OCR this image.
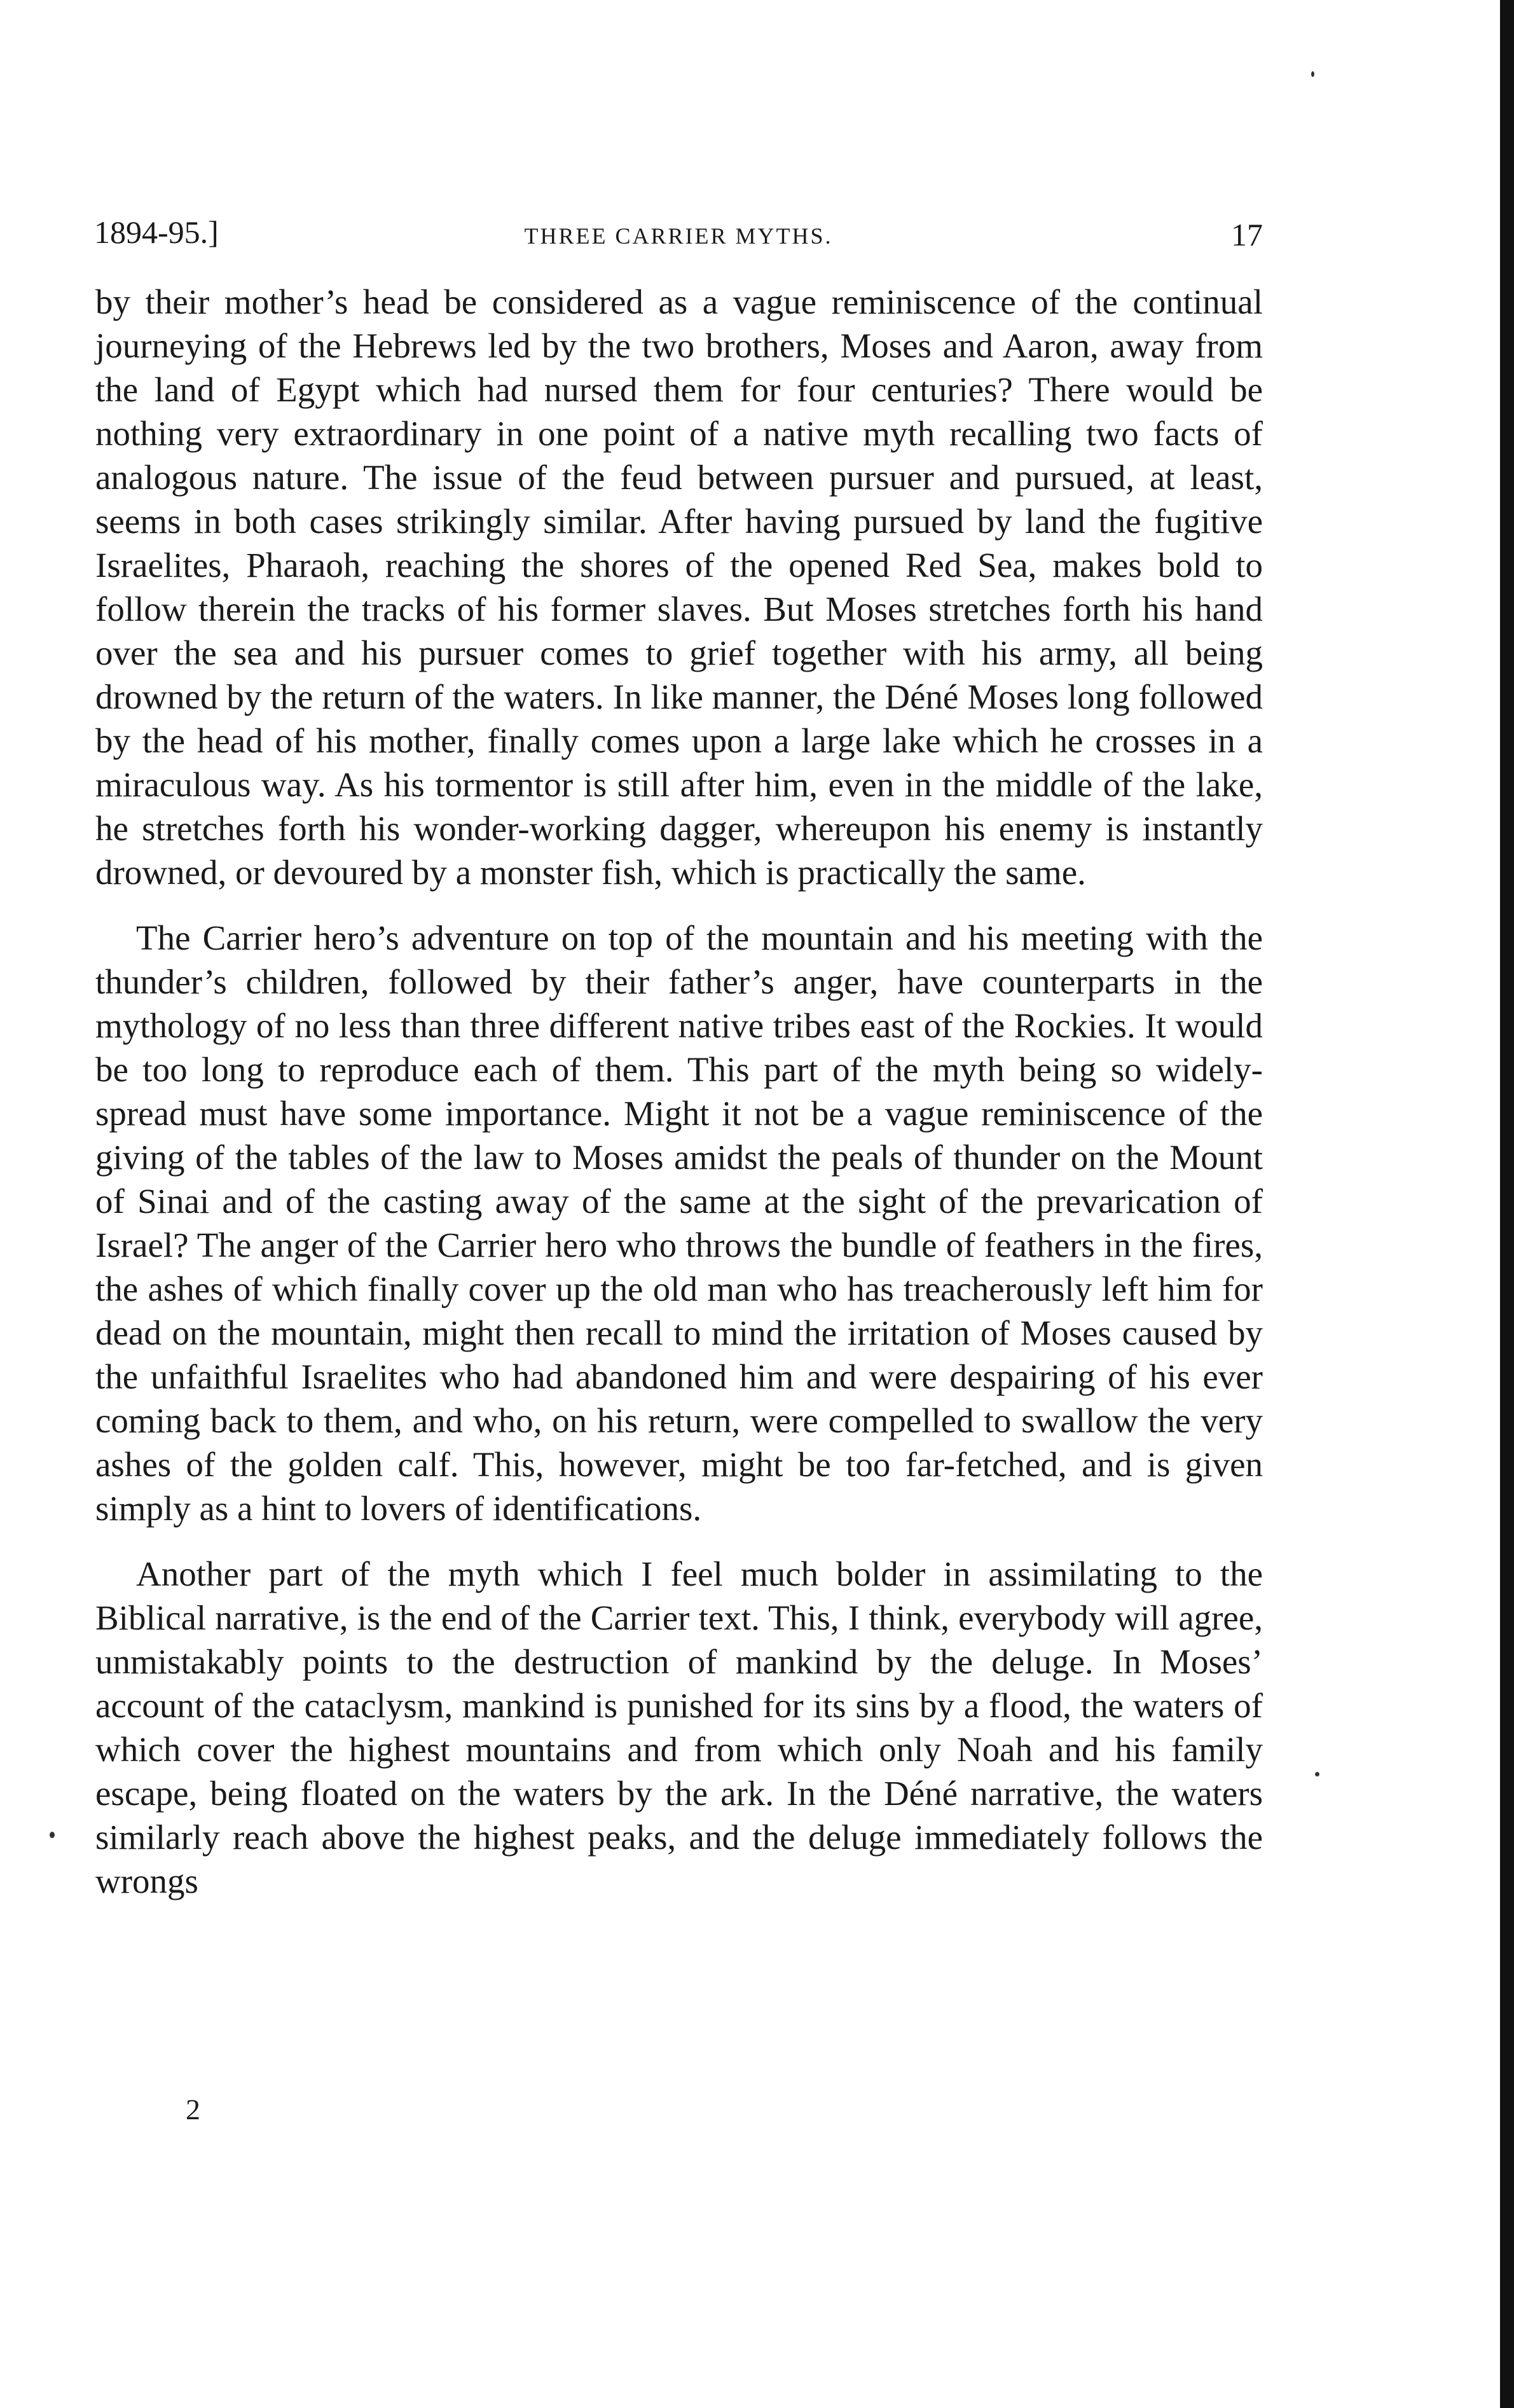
1894-95.]	THREE CARRIER MYTHS.	17

by their mother’s head be considered as a vague reminiscence of the continual journeying of the Hebrews led by the two brothers, Moses and Aaron, away from the land of Egypt which had nursed them for four centuries? There would be nothing very extraordinary in one point of a native myth recalling two facts of analogous nature. The issue of the feud between pursuer and pursued, at least, seems in both cases strikingly similar. After having pursued by land the fugitive Israelites, Pharaoh, reaching the shores of the opened Red Sea, makes bold to follow therein the tracks of his former slaves. But Moses stretches forth his hand over the sea and his pursuer comes to grief together with his army, all being drowned by the return of the waters. In like manner, the Déné Moses long followed by the head of his mother, finally comes upon a large lake which he crosses in a miraculous way. As his tormentor is still after him, even in the middle of the lake, he stretches forth his wonder-working dagger, whereupon his enemy is instantly drowned, or devoured by a monster fish, which is practically the same.

The Carrier hero’s adventure on top of the mountain and his meeting with the thunder’s children, followed by their father’s anger, have counterparts in the mythology of no less than three different native tribes east of the Rockies. It would be too long to reproduce each of them. This part of the myth being so widely-spread must have some importance. Might it not be a vague reminiscence of the giving of the tables of the law to Moses amidst the peals of thunder on the Mount of Sinai and of the casting away of the same at the sight of the prevarication of Israel? The anger of the Carrier hero who throws the bundle of feathers in the fires, the ashes of which finally cover up the old man who has treacherously left him for dead on the mountain, might then recall to mind the irritation of Moses caused by the unfaithful Israelites who had abandoned him and were despairing of his ever coming back to them, and who, on his return, were compelled to swallow the very ashes of the golden calf. This, however, might be too far-fetched, and is given simply as a hint to lovers of identifications.

Another part of the myth which I feel much bolder in assimilating to the Biblical narrative, is the end of the Carrier text. This, I think, everybody will agree, unmistakably points to the destruction of mankind by the deluge. In Moses’ account of the cataclysm, mankind is punished for its sins by a flood, the waters of which cover the highest mountains and from which only Noah and his family escape, being floated on the waters by the ark. In the Déné narrative, the waters similarly reach above the highest peaks, and the deluge immediately follows the wrongs

2
